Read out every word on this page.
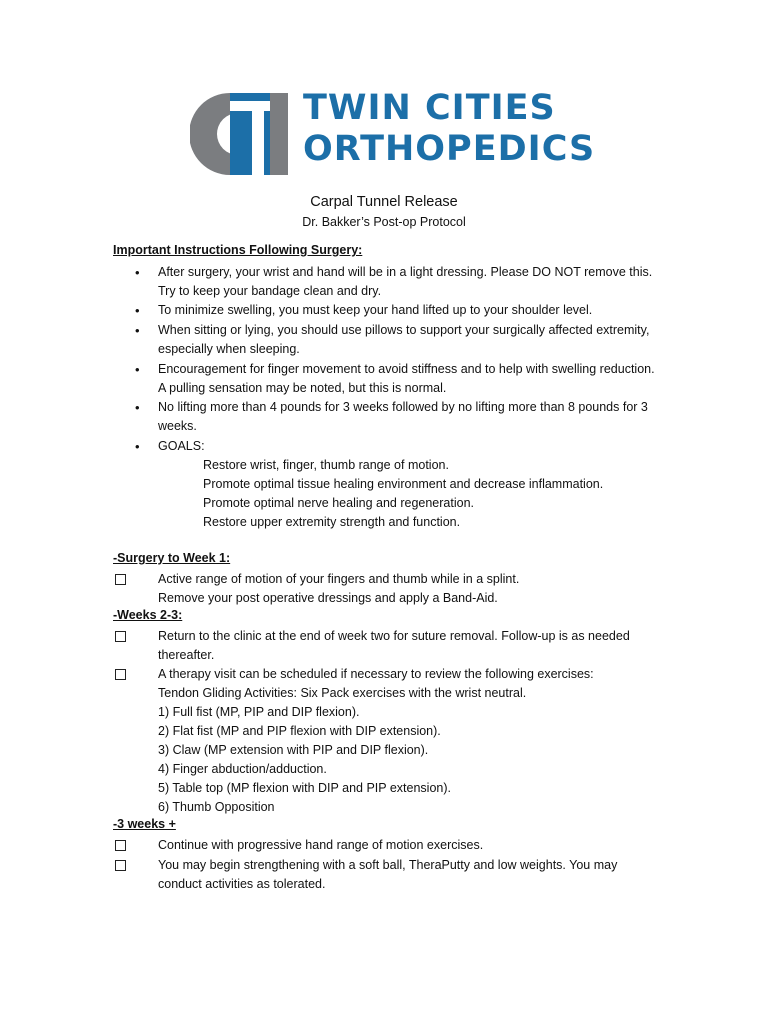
TWIN CITIES
ORTHOPEDICS
Carpal Tunnel Release
Dr. Bakker’s Post-op Protocol
Important Instructions Following Surgery:
• After surgery, your wrist and hand will be in a light dressing. Please DO NOT remove this. Try to keep your bandage clean and dry.
• To minimize swelling, you must keep your hand lifted up to your shoulder level.
• When sitting or lying, you should use pillows to support your surgically affected extremity, especially when sleeping.
• Encouragement for finger movement to avoid stiffness and to help with swelling reduction. A pulling sensation may be noted, but this is normal.
• No lifting more than 4 pounds for 3 weeks followed by no lifting more than 8 pounds for 3 weeks.
• GOALS:
Restore wrist, finger, thumb range of motion.
Promote optimal tissue healing environment and decrease inflammation.
Promote optimal nerve healing and regeneration.
Restore upper extremity strength and function.
-Surgery to Week 1:
Active range of motion of your fingers and thumb while in a splint.
Remove your post operative dressings and apply a Band-Aid.
-Weeks 2-3:
Return to the clinic at the end of week two for suture removal. Follow-up is as needed thereafter.
A therapy visit can be scheduled if necessary to review the following exercises:
Tendon Gliding Activities: Six Pack exercises with the wrist neutral.
1) Full fist (MP, PIP and DIP flexion).
2) Flat fist (MP and PIP flexion with DIP extension).
3) Claw (MP extension with PIP and DIP flexion).
4) Finger abduction/adduction.
5) Table top (MP flexion with DIP and PIP extension).
6) Thumb Opposition
-3 weeks +
Continue with progressive hand range of motion exercises.
You may begin strengthening with a soft ball, TheraPutty and low weights. You may conduct activities as tolerated.
